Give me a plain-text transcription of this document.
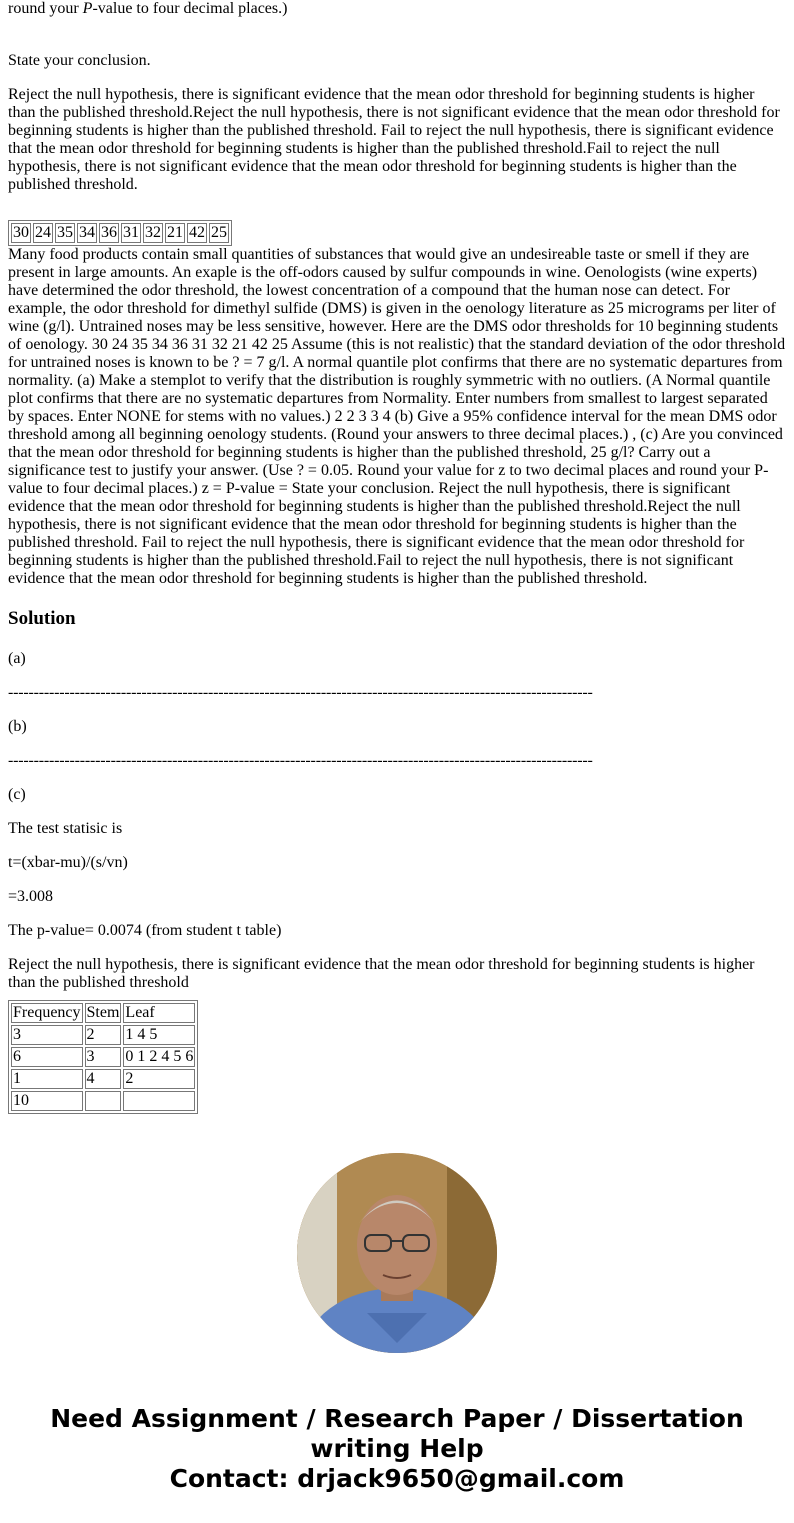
round your P-value to four decimal places.)

State your conclusion.

Reject the null hypothesis, there is significant evidence that the mean odor threshold for beginning students is higher than the published threshold.Reject the null hypothesis, there is not significant evidence that the mean odor threshold for beginning students is higher than the published threshold. Fail to reject the null hypothesis, there is significant evidence that the mean odor threshold for beginning students is higher than the published threshold.Fail to reject the null hypothesis, there is not significant evidence that the mean odor threshold for beginning students is higher than the published threshold.

30	24	35	34	36	31	32	21	42	25

Many food products contain small quantities of substances that would give an undesireable taste or smell if they are present in large amounts. An exaple is the off-odors caused by sulfur compounds in wine. Oenologists (wine experts) have determined the odor threshold, the lowest concentration of a compound that the human nose can detect. For example, the odor threshold for dimethyl sulfide (DMS) is given in the oenology literature as 25 micrograms per liter of wine (g/l). Untrained noses may be less sensitive, however. Here are the DMS odor thresholds for 10 beginning students of oenology. 30 24 35 34 36 31 32 21 42 25 Assume (this is not realistic) that the standard deviation of the odor threshold for untrained noses is known to be ? = 7 g/l. A normal quantile plot confirms that there are no systematic departures from normality. (a) Make a stemplot to verify that the distribution is roughly symmetric with no outliers. (A Normal quantile plot confirms that there are no systematic departures from Normality. Enter numbers from smallest to largest separated by spaces. Enter NONE for stems with no values.) 2 2 3 3 4 (b) Give a 95% confidence interval for the mean DMS odor threshold among all beginning oenology students. (Round your answers to three decimal places.) , (c) Are you convinced that the mean odor threshold for beginning students is higher than the published threshold, 25 g/l? Carry out a significance test to justify your answer. (Use ? = 0.05. Round your value for z to two decimal places and round your P-value to four decimal places.) z = P-value = State your conclusion. Reject the null hypothesis, there is significant evidence that the mean odor threshold for beginning students is higher than the published threshold.Reject the null hypothesis, there is not significant evidence that the mean odor threshold for beginning students is higher than the published threshold. Fail to reject the null hypothesis, there is significant evidence that the mean odor threshold for beginning students is higher than the published threshold.Fail to reject the null hypothesis, there is not significant evidence that the mean odor threshold for beginning students is higher than the published threshold.

Solution

(a)

------------------------------------------------------------------------------------------------------------------

(b)

------------------------------------------------------------------------------------------------------------------

(c)

The test statisic is

t=(xbar-mu)/(s/vn)

=3.008

The p-value= 0.0074 (from student t table)

Reject the null hypothesis, there is significant evidence that the mean odor threshold for beginning students is higher than the published threshold

Frequency	Stem	Leaf
3	2	1 4 5
6	3	0 1 2 4 5 6
1	4	2
10		
Need Assignment / Research Paper / Dissertation
writing Help
Contact: drjack9650@gmail.com
